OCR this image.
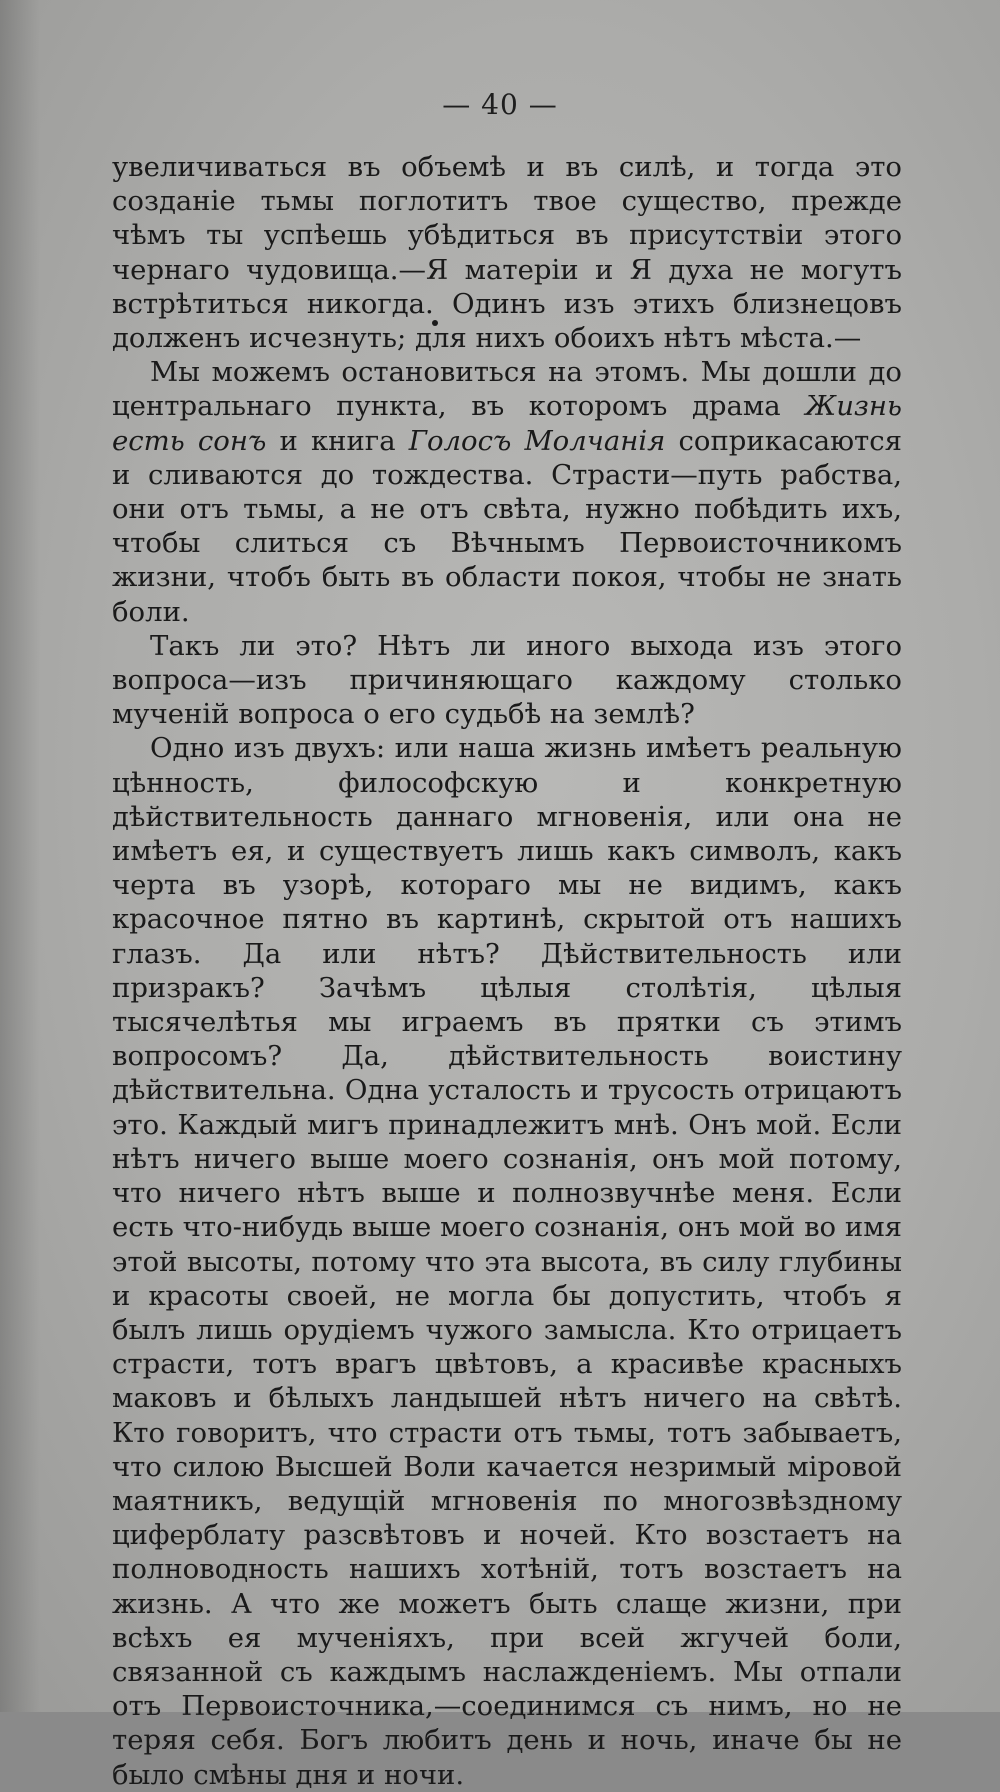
— 40 —

увеличиваться въ объемѣ и въ силѣ, и тогда это созданіе тьмы поглотитъ твое существо, прежде чѣмъ ты успѣешь убѣдиться въ присутствіи этого чернаго чудовища.—Я матеріи и Я духа не могутъ встрѣтиться никогда. Одинъ изъ этихъ близнецовъ долженъ исчезнуть; для нихъ обоихъ нѣтъ мѣста.—

Мы можемъ остановиться на этомъ. Мы дошли до центральнаго пункта, въ которомъ драма Жизнь есть сонъ и книга Голосъ Молчанія соприкасаются и сливаются до тождества. Страсти—путь рабства, они отъ тьмы, а не отъ свѣта, нужно побѣдить ихъ, чтобы слиться съ Вѣчнымъ Первоисточникомъ жизни, чтобъ быть въ области покоя, чтобы не знать боли.

Такъ ли это? Нѣтъ ли иного выхода изъ этого вопроса—изъ причиняющаго каждому столько мученій вопроса о его судьбѣ на землѣ?

Одно изъ двухъ: или наша жизнь имѣетъ реальную цѣнность, философскую и конкретную дѣйствительность даннаго мгновенія, или она не имѣетъ ея, и существуетъ лишь какъ символъ, какъ черта въ узорѣ, котораго мы не видимъ, какъ красочное пятно въ картинѣ, скрытой отъ нашихъ глазъ. Да или нѣтъ? Дѣйствительность или призракъ? Зачѣмъ цѣлыя столѣтія, цѣлыя тысячелѣтья мы играемъ въ прятки съ этимъ вопросомъ? Да, дѣйствительность воистину дѣйствительна. Одна усталость и трусость отрицаютъ это. Каждый мигъ принадлежитъ мнѣ. Онъ мой. Если нѣтъ ничего выше моего сознанія, онъ мой потому, что ничего нѣтъ выше и полнозвучнѣе меня. Если есть что-нибудь выше моего сознанія, онъ мой во имя этой высоты, потому что эта высота, въ силу глубины и красоты своей, не могла бы допустить, чтобъ я былъ лишь орудіемъ чужого замысла. Кто отрицаетъ страсти, тотъ врагъ цвѣтовъ, а красивѣе красныхъ маковъ и бѣлыхъ ландышей нѣтъ ничего на свѣтѣ. Кто говоритъ, что страсти отъ тьмы, тотъ забываетъ, что силою Высшей Воли качается незримый міровой маятникъ, ведущій мгновенія по многозвѣздному циферблату разсвѣтовъ и ночей. Кто возстаетъ на полноводность нашихъ хотѣній, тотъ возстаетъ на жизнь. А что же можетъ быть слаще жизни, при всѣхъ ея мученіяхъ, при всей жгучей боли, связанной съ каждымъ наслажденіемъ. Мы отпали отъ Первоисточника,—соединимся съ нимъ, но не теряя себя. Богъ любитъ день и ночь, иначе бы не было смѣны дня и ночи.
